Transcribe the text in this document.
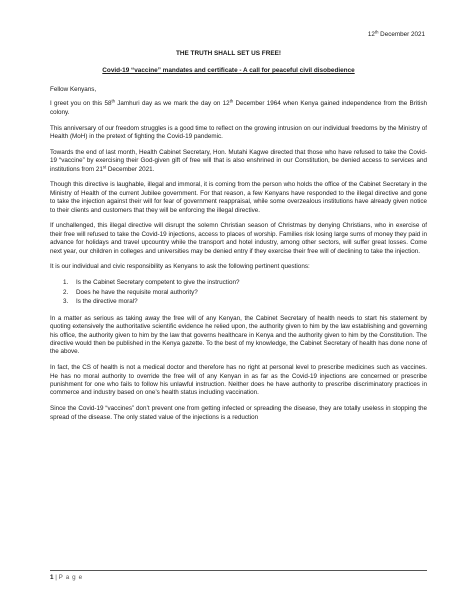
12th December 2021
THE TRUTH SHALL SET US FREE!
Covid-19 “vaccine” mandates and certificate - A call for peaceful civil disobedience

Fellow Kenyans,

I greet you on this 58th Jamhuri day as we mark the day on 12th December 1964 when Kenya gained independence from the British colony.

This anniversary of our freedom struggles is a good time to reflect on the growing intrusion on our individual freedoms by the Ministry of Health (MoH) in the pretext of fighting the Covid-19 pandemic.

Towards the end of last month, Health Cabinet Secretary, Hon. Mutahi Kagwe directed that those who have refused to take the Covid-19 “vaccine” by exercising their God-given gift of free will that is also enshrined in our Constitution, be denied access to services and institutions from 21st December 2021.

Though this directive is laughable, illegal and immoral, it is coming from the person who holds the office of the Cabinet Secretary in the Ministry of Health of the current Jubilee government. For that reason, a few Kenyans have responded to the illegal directive and gone to take the injection against their will for fear of government reappraisal, while some overzealous institutions have already given notice to their clients and customers that they will be enforcing the illegal directive.

If unchallenged, this illegal directive will disrupt the solemn Christian season of Christmas by denying Christians, who in exercise of their free will refused to take the Covid-19 injections, access to places of worship. Families risk losing large sums of money they paid in advance for holidays and travel upcountry while the transport and hotel industry, among other sectors, will suffer great losses. Come next year, our children in colleges and universities may be denied entry if they exercise their free will of declining to take the injection.

It is our individual and civic responsibility as Kenyans to ask the following pertinent questions:

1. Is the Cabinet Secretary competent to give the instruction?
2. Does he have the requisite moral authority?
3. Is the directive moral?

In a matter as serious as taking away the free will of any Kenyan, the Cabinet Secretary of health needs to start his statement by quoting extensively the authoritative scientific evidence he relied upon, the authority given to him by the law establishing and governing his office, the authority given to him by the law that governs healthcare in Kenya and the authority given to him by the Constitution. The directive would then be published in the Kenya gazette. To the best of my knowledge, the Cabinet Secretary of health has done none of the above.

In fact, the CS of health is not a medical doctor and therefore has no right at personal level to prescribe medicines such as vaccines. He has no moral authority to override the free will of any Kenyan in as far as the Covid-19 injections are concerned or prescribe punishment for one who fails to follow his unlawful instruction. Neither does he have authority to prescribe discriminatory practices in commerce and industry based on one’s health status including vaccination.

Since the Covid-19 “vaccines” don’t prevent one from getting infected or spreading the disease, they are totally useless in stopping the spread of the disease. The only stated value of the injections is a reduction

1 | P a g e
